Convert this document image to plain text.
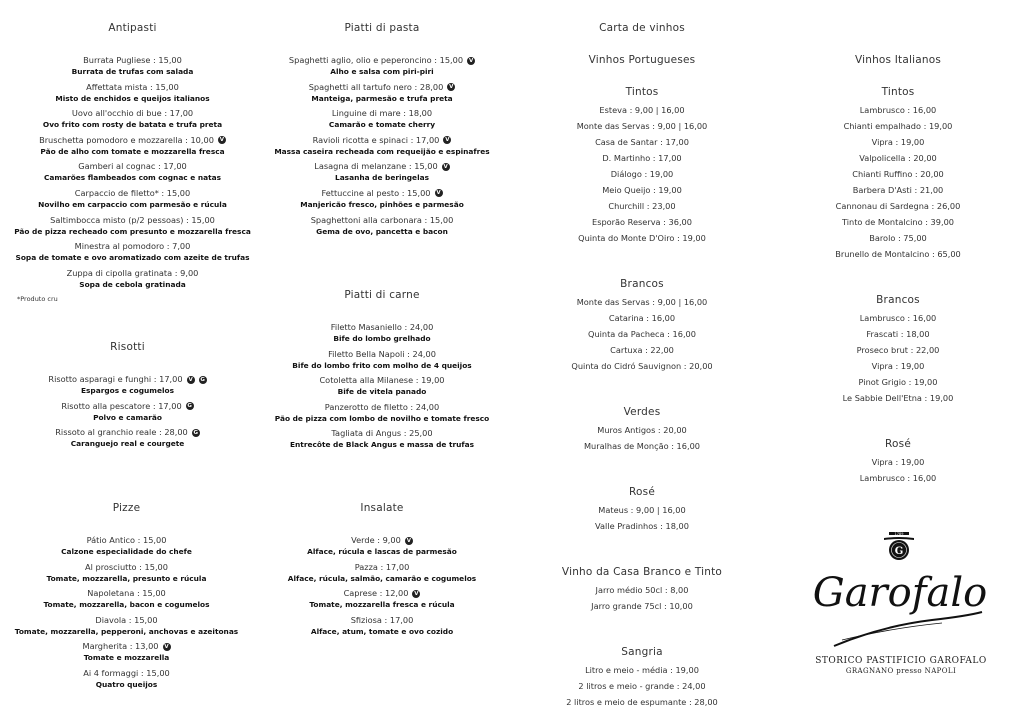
Antipasti
Burrata Pugliese : 15,00
Burrata de trufas com salada
Affettata mista : 15,00
Misto de enchidos e queijos italianos
Uovo all'occhio di bue : 17,00
Ovo frito com rosty de batata e trufa preta
Bruschetta pomodoro e mozzarella : 10,00 V
Pão de alho com tomate e mozzarella fresca
Gamberi al cognac : 17,00
Camarões flambeados com cognac e natas
Carpaccio de filetto* : 15,00
Novilho em carpaccio com parmesão e rúcula
Saltimbocca misto (p/2 pessoas) : 15,00
Pão de pizza recheado com presunto e mozzarella fresca
Minestra al pomodoro : 7,00
Sopa de tomate e ovo aromatizado com azeite de trufas
Zuppa di cipolla gratinata : 9,00
Sopa de cebola gratinada
*Produto cru
Risotti
Risotto asparagi e funghi : 17,00 V G
Espargos e cogumelos
Risotto alla pescatore : 17,00 G
Polvo e camarão
Rissoto al granchio reale : 28,00 G
Caranguejo real e courgete
Pizze
Pátio Antico : 15,00
Calzone especialidade do chefe
Al prosciutto : 15,00
Tomate, mozzarella, presunto e rúcula
Napoletana : 15,00
Tomate, mozzarella, bacon e cogumelos
Diavola : 15,00
Tomate, mozzarella, pepperoni, anchovas e azeitonas
Margherita : 13,00 V
Tomate e mozzarella
Ai 4 formaggi : 15,00
Quatro queijos
Piatti di pasta
Spaghetti aglio, olio e peperoncino : 15,00 V
Alho e salsa com piri-piri
Spaghetti all tartufo nero : 28,00 V
Manteiga, parmesão e trufa preta
Linguine di mare : 18,00
Camarão e tomate cherry
Ravioli ricotta e spinaci : 17,00 V
Massa caseira recheada com requeijão e espinafres
Lasagna di melanzane : 15,00 V
Lasanha de beringelas
Fettuccine al pesto : 15,00 V
Manjericão fresco, pinhões e parmesão
Spaghettoni alla carbonara : 15,00
Gema de ovo, pancetta e bacon
Piatti di carne
Filetto Masaniello : 24,00
Bife do lombo grelhado
Filetto Bella Napoli : 24,00
Bife do lombo frito com molho de 4 queijos
Cotoletta alla Milanese : 19,00
Bife de vitela panado
Panzerotto de filetto : 24,00
Pão de pizza com lombo de novilho e tomate fresco
Tagliata di Angus : 25,00
Entrecôte de Black Angus e massa de trufas
Insalate
Verde : 9,00 V
Alface, rúcula e lascas de parmesão
Pazza : 17,00
Alface, rúcula, salmão, camarão e cogumelos
Caprese : 12,00 V
Tomate, mozzarella fresca e rúcula
Sfiziosa : 17,00
Alface, atum, tomate e ovo cozido
Carta de vinhos
Vinhos Portugueses
Tintos
Esteva : 9,00 | 16,00
Monte das Servas : 9,00 | 16,00
Casa de Santar : 17,00
D. Martinho : 17,00
Diálogo : 19,00
Meio Queijo : 19,00
Churchill : 23,00
Esporão Reserva : 36,00
Quinta do Monte D'Oiro : 19,00
Brancos
Monte das Servas : 9,00 | 16,00
Catarina : 16,00
Quinta da Pacheca : 16,00
Cartuxa : 22,00
Quinta do Cidró Sauvignon : 20,00
Verdes
Muros Antigos : 20,00
Muralhas de Monção : 16,00
Rosé
Mateus : 9,00 | 16,00
Valle Pradinhos : 18,00
Vinho da Casa Branco e Tinto
Jarro médio 50cl : 8,00
Jarro grande 75cl : 10,00
Sangria
Litro e meio - média : 19,00
2 litros e meio - grande : 24,00
2 litros e meio de espumante : 28,00
Vinhos Italianos
Tintos
Lambrusco : 16,00
Chianti empalhado : 19,00
Vipra : 19,00
Valpolicella : 20,00
Chianti Ruffino : 20,00
Barbera D'Asti : 21,00
Cannonau di Sardegna : 26,00
Tinto de Montalcino : 39,00
Barolo : 75,00
Brunello de Montalcino : 65,00
Brancos
Lambrusco : 16,00
Frascati : 18,00
Proseco brut : 22,00
Vipra : 19,00
Pinot Grigio : 19,00
Le Sabbie Dell'Etna : 19,00
Rosé
Vipra : 19,00
Lambrusco : 16,00
1789
G
Garofalo
STORICO PASTIFICIO GAROFALO
GRAGNANO presso NAPOLI
